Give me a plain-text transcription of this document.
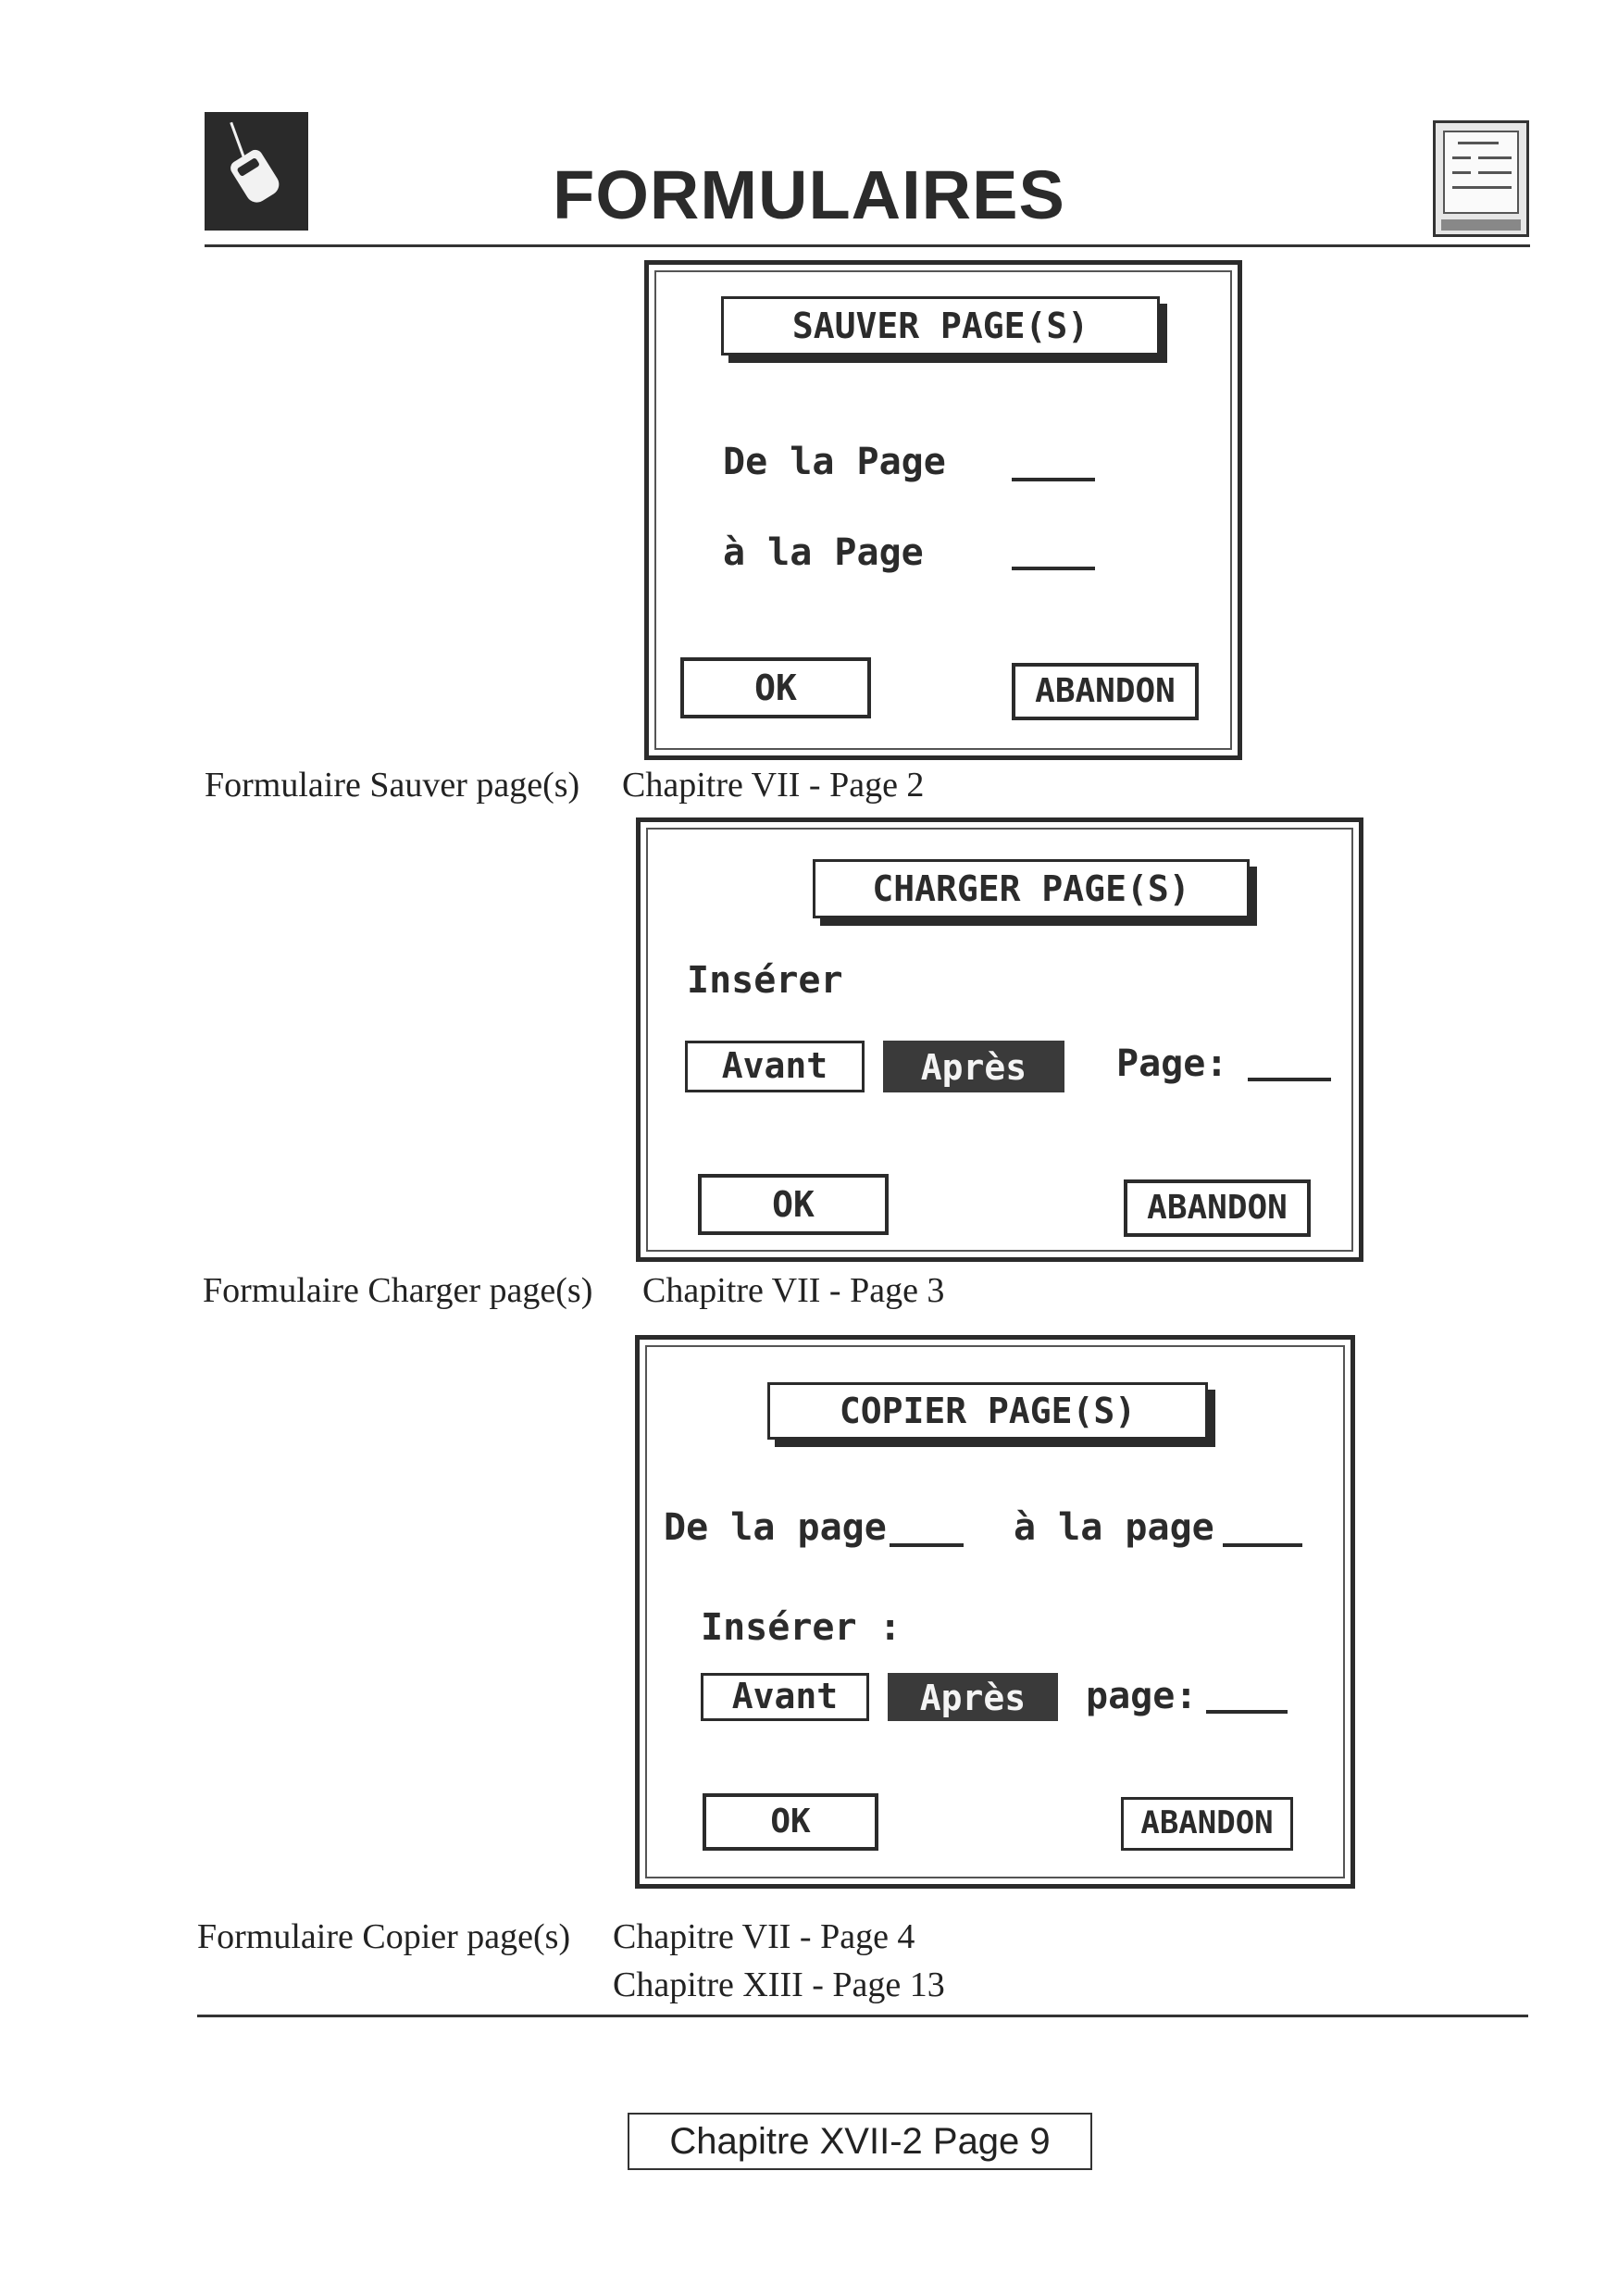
FORMULAIRES
SAUVER PAGE(S)
De la Page
à la Page
OK	ABANDON
Formulaire Sauver page(s) Chapitre VII - Page 2
CHARGER PAGE(S)
Insérer
Avant	Après	Page:
OK	ABANDON
Formulaire Charger page(s) Chapitre VII - Page 3
COPIER PAGE(S)
De la page	à la page
Insérer :
Avant	Après	page:
OK	ABANDON
Formulaire Copier page(s) Chapitre VII - Page 4
Chapitre XIII - Page 13
Chapitre XVII-2 Page 9
